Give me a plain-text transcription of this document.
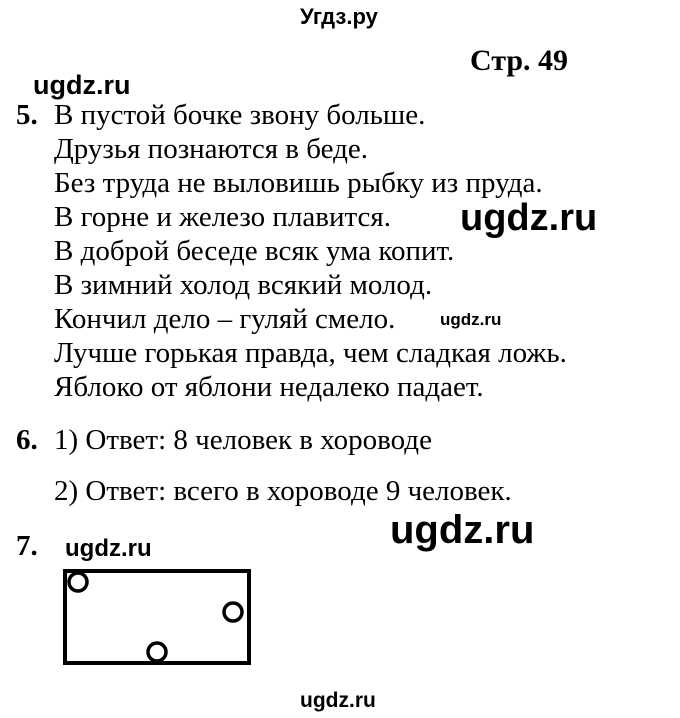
Угдз.ру
Стр. 49
ugdz.ru
5. В пустой бочке звону больше.
Друзья познаются в беде.
Без труда не выловишь рыбку из пруда.
В горне и железо плавится.
В доброй беседе всяк ума копит.
В зимний холод всякий молод.
Кончил дело – гуляй смело.
Лучше горькая правда, чем сладкая ложь.
Яблоко от яблони недалеко падает.
ugdz.ru
ugdz.ru
6. 1) Ответ: 8 человек в хороводе
2) Ответ: всего в хороводе 9 человек.
ugdz.ru
7. ugdz.ru
ugdz.ru
